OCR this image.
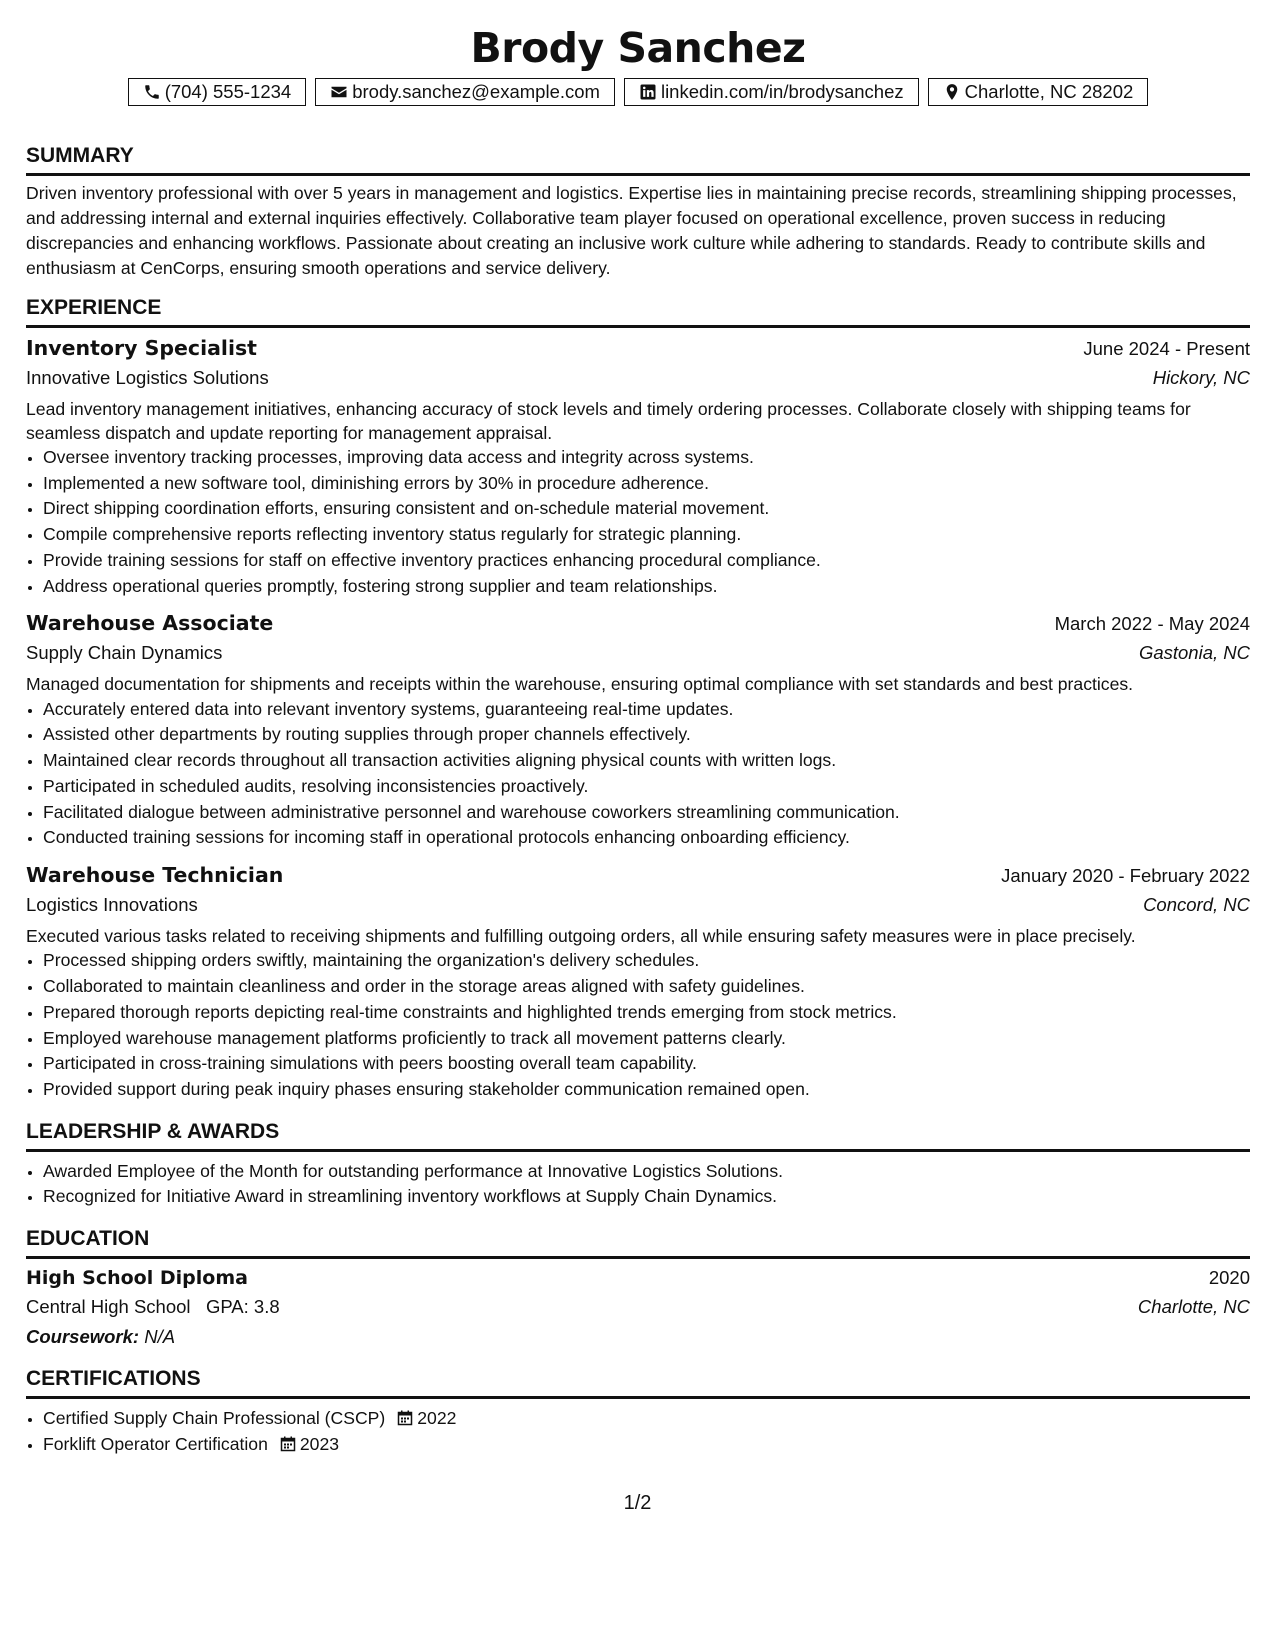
Brody Sanchez
(704) 555-1234	brody.sanchez@example.com	linkedin.com/in/brodysanchez	Charlotte, NC 28202
SUMMARY

Driven inventory professional with over 5 years in management and logistics. Expertise lies in maintaining precise records, streamlining shipping processes, and addressing internal and external inquiries effectively. Collaborative team player focused on operational excellence, proven success in reducing discrepancies and enhancing workflows. Passionate about creating an inclusive work culture while adhering to standards. Ready to contribute skills and enthusiasm at CenCorps, ensuring smooth operations and service delivery.

EXPERIENCE
Inventory Specialist	June 2024 - Present
Innovative Logistics Solutions	Hickory, NC

Lead inventory management initiatives, enhancing accuracy of stock levels and timely ordering processes. Collaborate closely with shipping teams for seamless dispatch and update reporting for management appraisal.

• Oversee inventory tracking processes, improving data access and integrity across systems.
• Implemented a new software tool, diminishing errors by 30% in procedure adherence.
• Direct shipping coordination efforts, ensuring consistent and on-schedule material movement.
• Compile comprehensive reports reflecting inventory status regularly for strategic planning.
• Provide training sessions for staff on effective inventory practices enhancing procedural compliance.
• Address operational queries promptly, fostering strong supplier and team relationships.
Warehouse Associate	March 2022 - May 2024
Supply Chain Dynamics	Gastonia, NC

Managed documentation for shipments and receipts within the warehouse, ensuring optimal compliance with set standards and best practices.

• Accurately entered data into relevant inventory systems, guaranteeing real-time updates.
• Assisted other departments by routing supplies through proper channels effectively.
• Maintained clear records throughout all transaction activities aligning physical counts with written logs.
• Participated in scheduled audits, resolving inconsistencies proactively.
• Facilitated dialogue between administrative personnel and warehouse coworkers streamlining communication.
• Conducted training sessions for incoming staff in operational protocols enhancing onboarding efficiency.
Warehouse Technician	January 2020 - February 2022
Logistics Innovations	Concord, NC

Executed various tasks related to receiving shipments and fulfilling outgoing orders, all while ensuring safety measures were in place precisely.

• Processed shipping orders swiftly, maintaining the organization's delivery schedules.
• Collaborated to maintain cleanliness and order in the storage areas aligned with safety guidelines.
• Prepared thorough reports depicting real-time constraints and highlighted trends emerging from stock metrics.
• Employed warehouse management platforms proficiently to track all movement patterns clearly.
• Participated in cross-training simulations with peers boosting overall team capability.
• Provided support during peak inquiry phases ensuring stakeholder communication remained open.
LEADERSHIP & AWARDS
• Awarded Employee of the Month for outstanding performance at Innovative Logistics Solutions.
• Recognized for Initiative Award in streamlining inventory workflows at Supply Chain Dynamics.
EDUCATION
High School Diploma	2020
Central High School GPA: 3.8	Charlotte, NC
Coursework: N/A
CERTIFICATIONS
• Certified Supply Chain Professional (CSCP) 2022
• Forklift Operator Certification 2023
1/2
